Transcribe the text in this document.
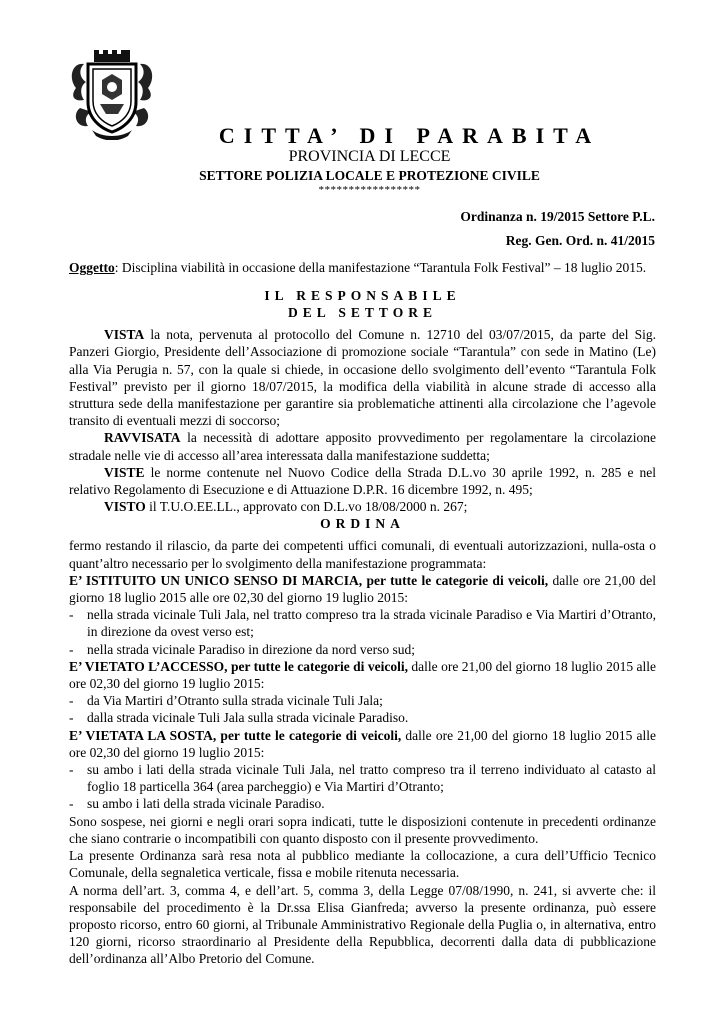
CITTA’ DI PARABITA
PROVINCIA DI LECCE
SETTORE POLIZIA LOCALE E PROTEZIONE CIVILE
*****************
Ordinanza n. 19/2015 Settore P.L.
Reg. Gen. Ord. n. 41/2015

Oggetto: Disciplina viabilità in occasione della manifestazione “Tarantula Folk Festival” – 18 luglio 2015.

IL RESPONSABILE
DEL SETTORE

VISTA la nota, pervenuta al protocollo del Comune n. 12710 del 03/07/2015, da parte del Sig. Panzeri Giorgio, Presidente dell’Associazione di promozione sociale “Tarantula” con sede in Matino (Le) alla Via Perugia n. 57, con la quale si chiede, in occasione dello svolgimento dell’evento “Tarantula Folk Festival” previsto per il giorno 18/07/2015, la modifica della viabilità in alcune strade di accesso alla struttura sede della manifestazione per garantire sia problematiche attinenti alla circolazione che l’agevole transito di eventuali mezzi di soccorso;

RAVVISATA la necessità di adottare apposito provvedimento per regolamentare la circolazione stradale nelle vie di accesso all’area interessata dalla manifestazione suddetta;

VISTE le norme contenute nel Nuovo Codice della Strada D.L.vo 30 aprile 1992, n. 285 e nel relativo Regolamento di Esecuzione e di Attuazione D.P.R. 16 dicembre 1992, n. 495;

VISTO il T.U.O.EE.LL., approvato con D.L.vo 18/08/2000 n. 267;

ORDINA

fermo restando il rilascio, da parte dei competenti uffici comunali, di eventuali autorizzazioni, nulla-osta o quant’altro necessario per lo svolgimento della manifestazione programmata:

E’ ISTITUITO UN UNICO SENSO DI MARCIA, per tutte le categorie di veicoli, dalle ore 21,00 del giorno 18 luglio 2015 alle ore 02,30 del giorno 19 luglio 2015:

-	nella strada vicinale Tuli Jala, nel tratto compreso tra la strada vicinale Paradiso e Via Martiri d’Otranto, in direzione da ovest verso est;
-	nella strada vicinale Paradiso in direzione da nord verso sud;

E’ VIETATO L’ACCESSO, per tutte le categorie di veicoli, dalle ore 21,00 del giorno 18 luglio 2015 alle ore 02,30 del giorno 19 luglio 2015:

-	da Via Martiri d’Otranto sulla strada vicinale Tuli Jala;
-	dalla strada vicinale Tuli Jala sulla strada vicinale Paradiso.

E’ VIETATA LA SOSTA, per tutte le categorie di veicoli, dalle ore 21,00 del giorno 18 luglio 2015 alle ore 02,30 del giorno 19 luglio 2015:

-	su ambo i lati della strada vicinale Tuli Jala, nel tratto compreso tra il terreno individuato al catasto al foglio 18 particella 364 (area parcheggio) e Via Martiri d’Otranto;
-	su ambo i lati della strada vicinale Paradiso.

Sono sospese, nei giorni e negli orari sopra indicati, tutte le disposizioni contenute in precedenti ordinanze che siano contrarie o incompatibili con quanto disposto con il presente provvedimento.

La presente Ordinanza sarà resa nota al pubblico mediante la collocazione, a cura dell’Ufficio Tecnico Comunale, della segnaletica verticale, fissa e mobile ritenuta necessaria.

A norma dell’art. 3, comma 4, e dell’art. 5, comma 3, della Legge 07/08/1990, n. 241, si avverte che: il responsabile del procedimento è la Dr.ssa Elisa Gianfreda; avverso la presente ordinanza, può essere proposto ricorso, entro 60 giorni, al Tribunale Amministrativo Regionale della Puglia o, in alternativa, entro 120 giorni, ricorso straordinario al Presidente della Repubblica, decorrenti dalla data di pubblicazione dell’ordinanza all’Albo Pretorio del Comune.
